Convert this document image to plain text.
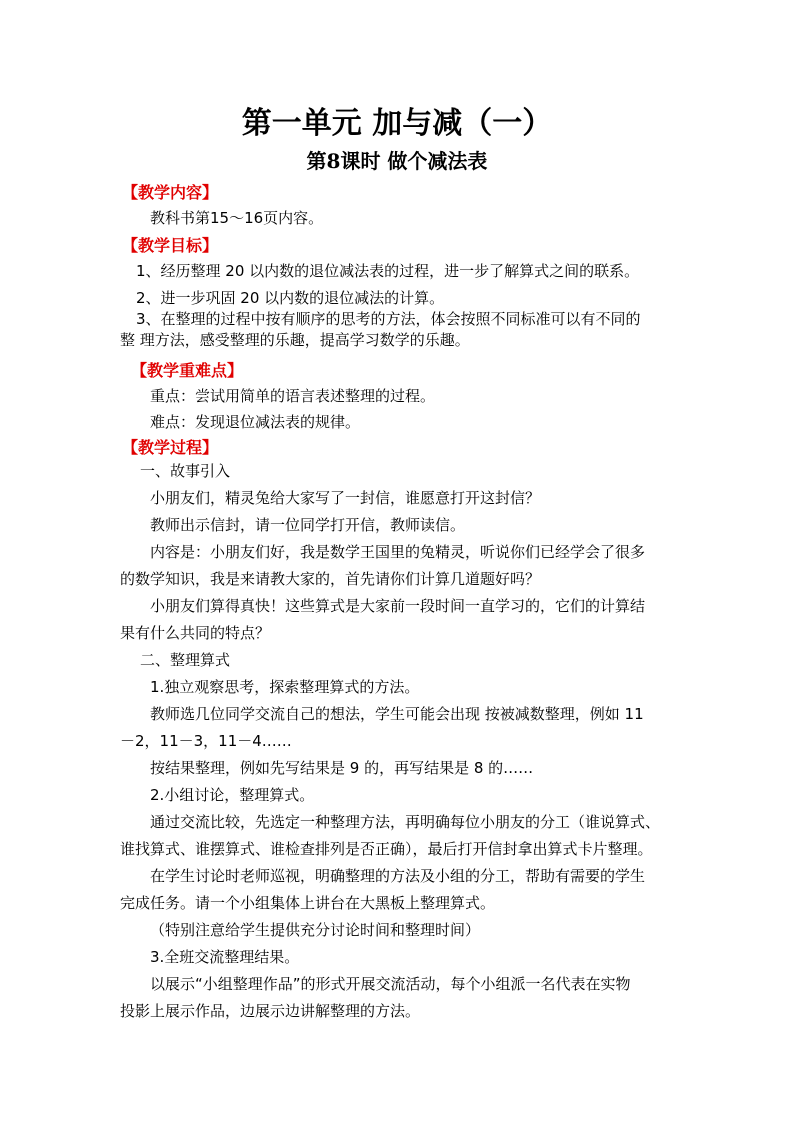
第一单元 加与减（一）
第8课时 做个减法表
【教学内容】
教科书第15～16页内容。
【教学目标】
1、经历整理 20 以内数的退位减法表的过程，进一步了解算式之间的联系。
2、进一步巩固 20 以内数的退位减法的计算。
3、在整理的过程中按有顺序的思考的方法，体会按照不同标准可以有不同的
整 理方法，感受整理的乐趣，提高学习数学的乐趣。
【教学重难点】
重点：尝试用简单的语言表述整理的过程。
难点：发现退位减法表的规律。
【教学过程】
一、故事引入
小朋友们，精灵兔给大家写了一封信，谁愿意打开这封信？
教师出示信封，请一位同学打开信，教师读信。
内容是：小朋友们好，我是数学王国里的兔精灵，听说你们已经学会了很多
的数学知识，我是来请教大家的，首先请你们计算几道题好吗？
小朋友们算得真快！这些算式是大家前一段时间一直学习的，它们的计算结
果有什么共同的特点？
二、整理算式
1.独立观察思考，探索整理算式的方法。
教师选几位同学交流自己的想法，学生可能会出现 按被减数整理，例如 11
－2，11－3，11－4……
按结果整理，例如先写结果是 9 的，再写结果是 8 的……
2.小组讨论，整理算式。
通过交流比较，先选定一种整理方法，再明确每位小朋友的分工（谁说算式、
谁找算式、谁摆算式、谁检查排列是否正确），最后打开信封拿出算式卡片整理。
在学生讨论时老师巡视，明确整理的方法及小组的分工，帮助有需要的学生
完成任务。请一个小组集体上讲台在大黑板上整理算式。
（特别注意给学生提供充分讨论时间和整理时间）
3.全班交流整理结果。
以展示“小组整理作品”的形式开展交流活动，每个小组派一名代表在实物
投影上展示作品，边展示边讲解整理的方法。
